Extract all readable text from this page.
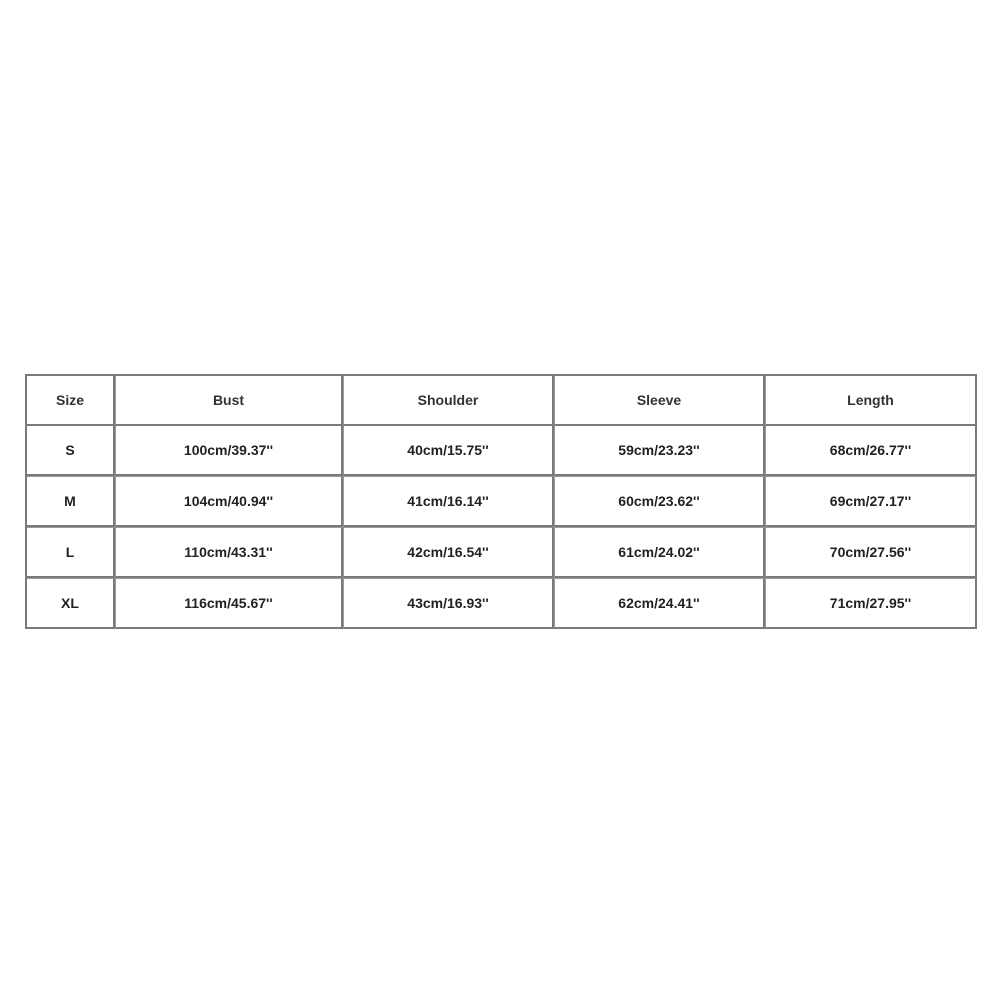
Size	Bust	Shoulder	Sleeve	Length
S	100cm/39.37''	40cm/15.75''	59cm/23.23''	68cm/26.77''
M	104cm/40.94''	41cm/16.14''	60cm/23.62''	69cm/27.17''
L	110cm/43.31''	42cm/16.54''	61cm/24.02''	70cm/27.56''
XL	116cm/45.67''	43cm/16.93''	62cm/24.41''	71cm/27.95''
